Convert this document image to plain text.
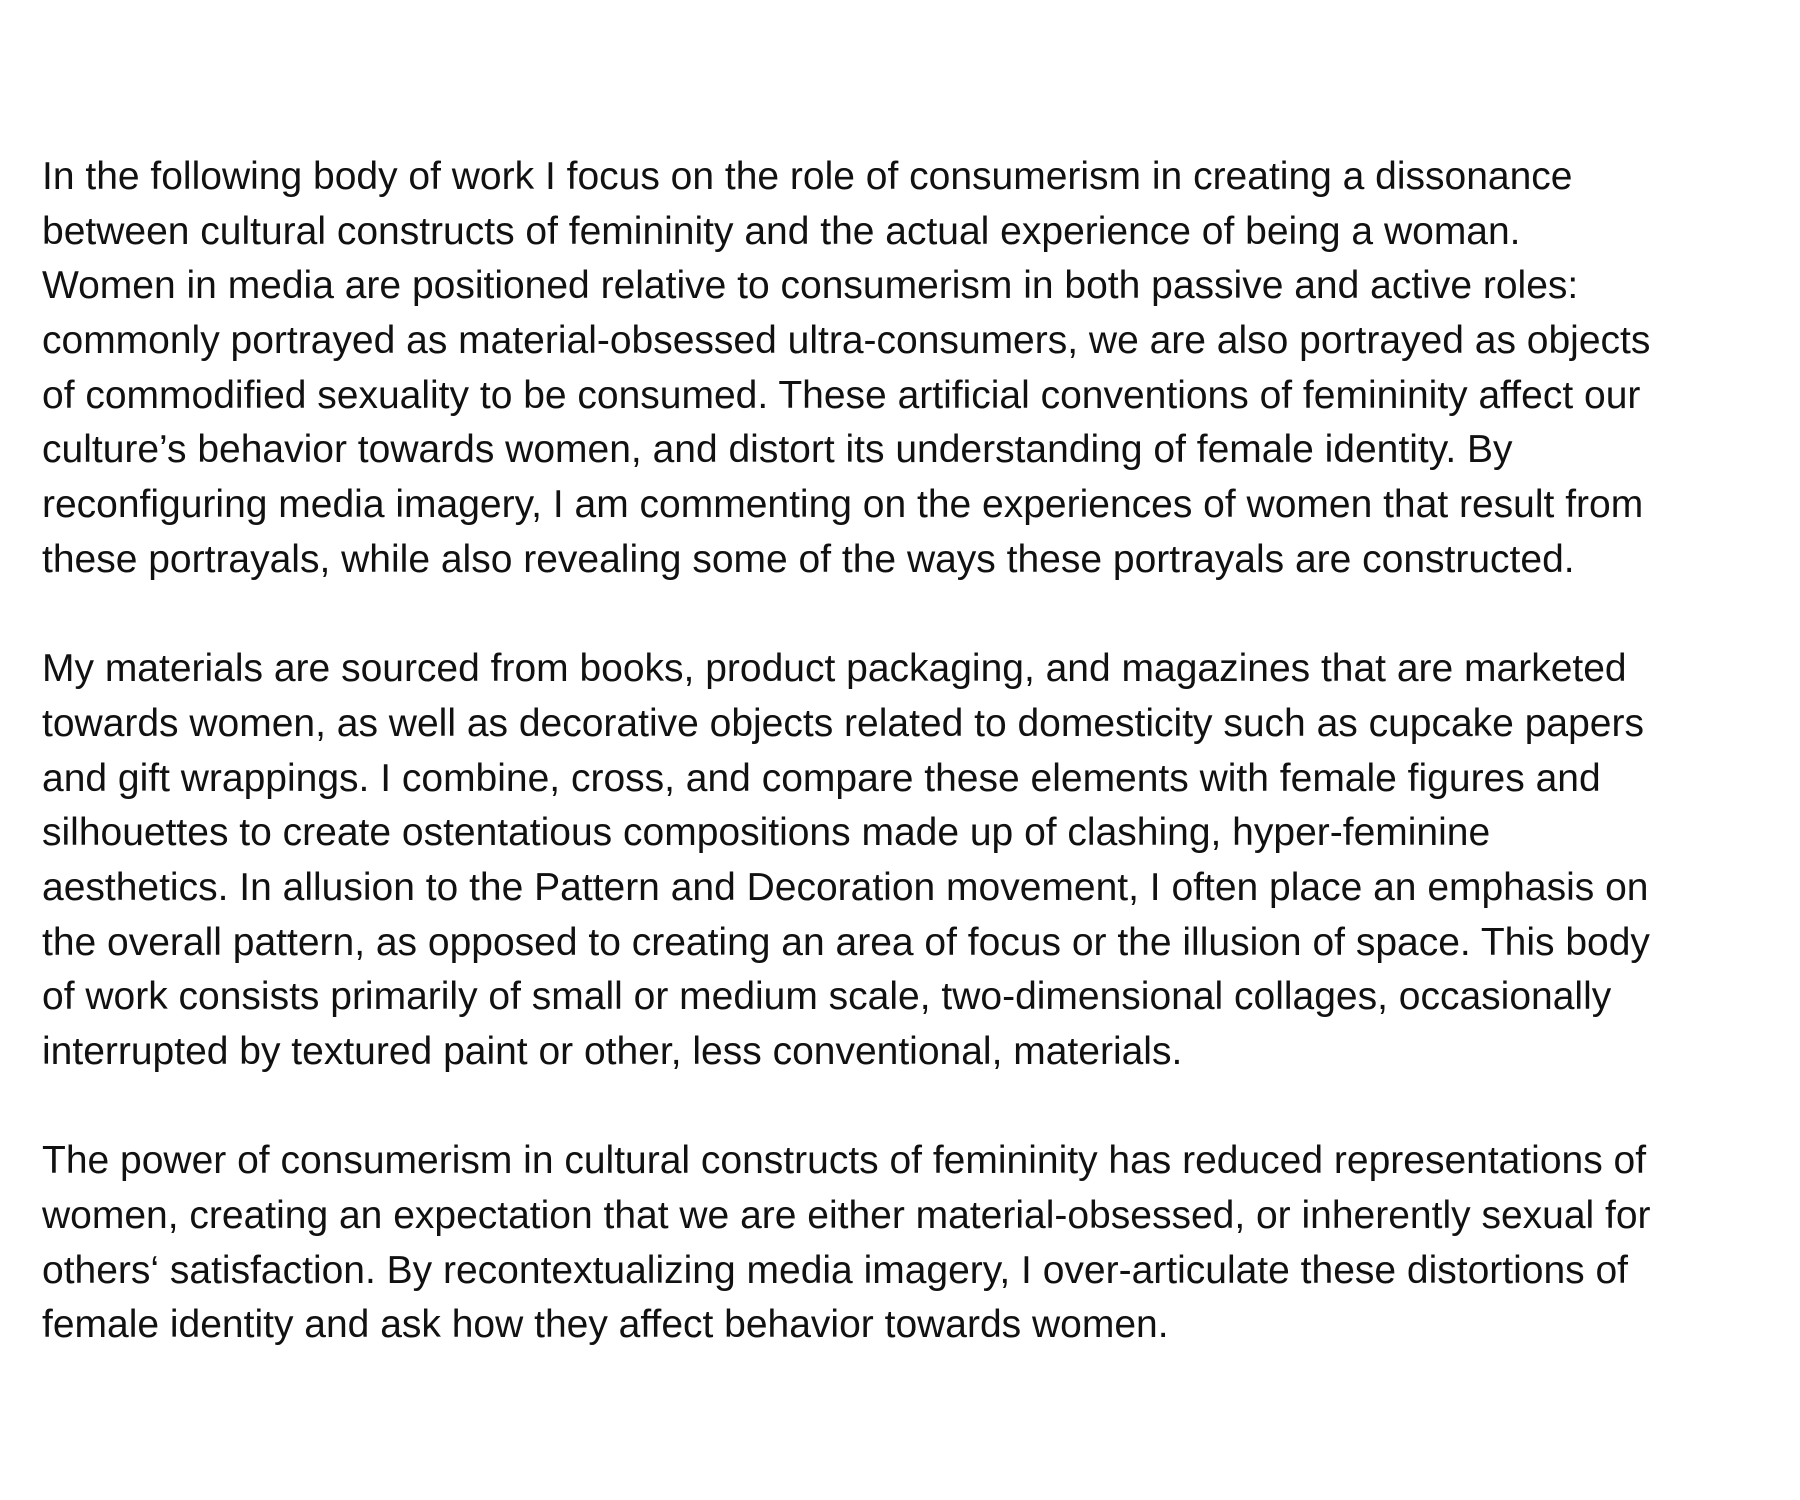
In the following body of work I focus on the role of consumerism in creating a dissonance
between cultural constructs of femininity and the actual experience of being a woman.
Women in media are positioned relative to consumerism in both passive and active roles:
commonly portrayed as material-obsessed ultra-consumers, we are also portrayed as objects
of commodified sexuality to be consumed. These artificial conventions of femininity affect our
culture’s behavior towards women, and distort its understanding of female identity. By
reconfiguring media imagery, I am commenting on the experiences of women that result from
these portrayals, while also revealing some of the ways these portrayals are constructed.
My materials are sourced from books, product packaging, and magazines that are marketed
towards women, as well as decorative objects related to domesticity such as cupcake papers
and gift wrappings. I combine, cross, and compare these elements with female figures and
silhouettes to create ostentatious compositions made up of clashing, hyper-feminine
aesthetics. In allusion to the Pattern and Decoration movement, I often place an emphasis on
the overall pattern, as opposed to creating an area of focus or the illusion of space. This body
of work consists primarily of small or medium scale, two-dimensional collages, occasionally
interrupted by textured paint or other, less conventional, materials.
The power of consumerism in cultural constructs of femininity has reduced representations of
women, creating an expectation that we are either material-obsessed, or inherently sexual for
others‘ satisfaction. By recontextualizing media imagery, I over-articulate these distortions of
female identity and ask how they affect behavior towards women.
